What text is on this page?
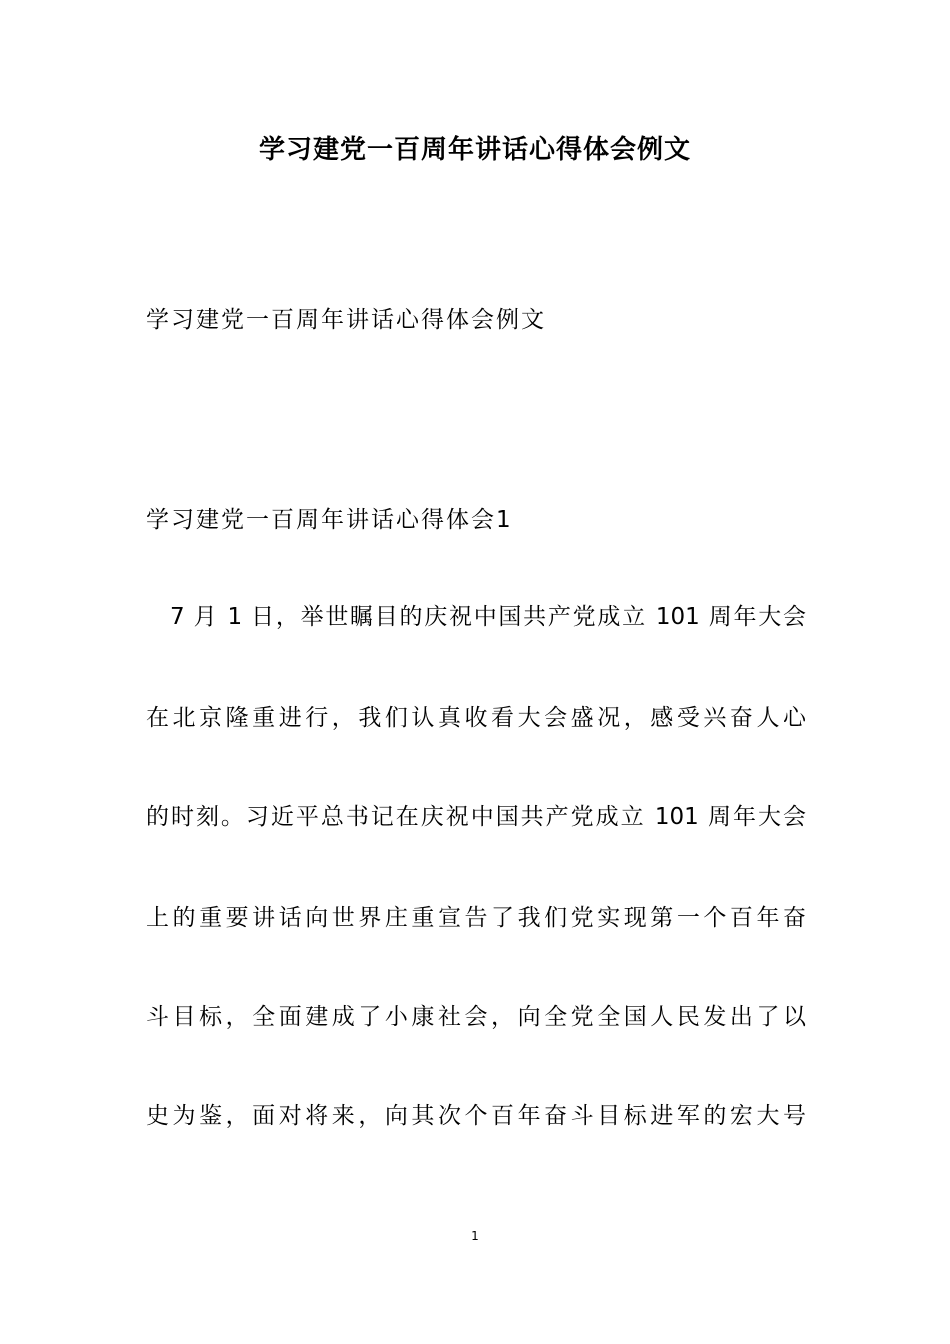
学习建党一百周年讲话心得体会例文
学习建党一百周年讲话心得体会例文
学习建党一百周年讲话心得体会1
7 月 1 日，举世瞩目的庆祝中国共产党成立 101 周年大会
在北京隆重进行，我们认真收看大会盛况，感受兴奋人心
的时刻。习近平总书记在庆祝中国共产党成立 101 周年大会
上的重要讲话向世界庄重宣告了我们党实现第一个百年奋
斗目标，全面建成了小康社会，向全党全国人民发出了以
史为鉴，面对将来，向其次个百年奋斗目标进军的宏大号
1
